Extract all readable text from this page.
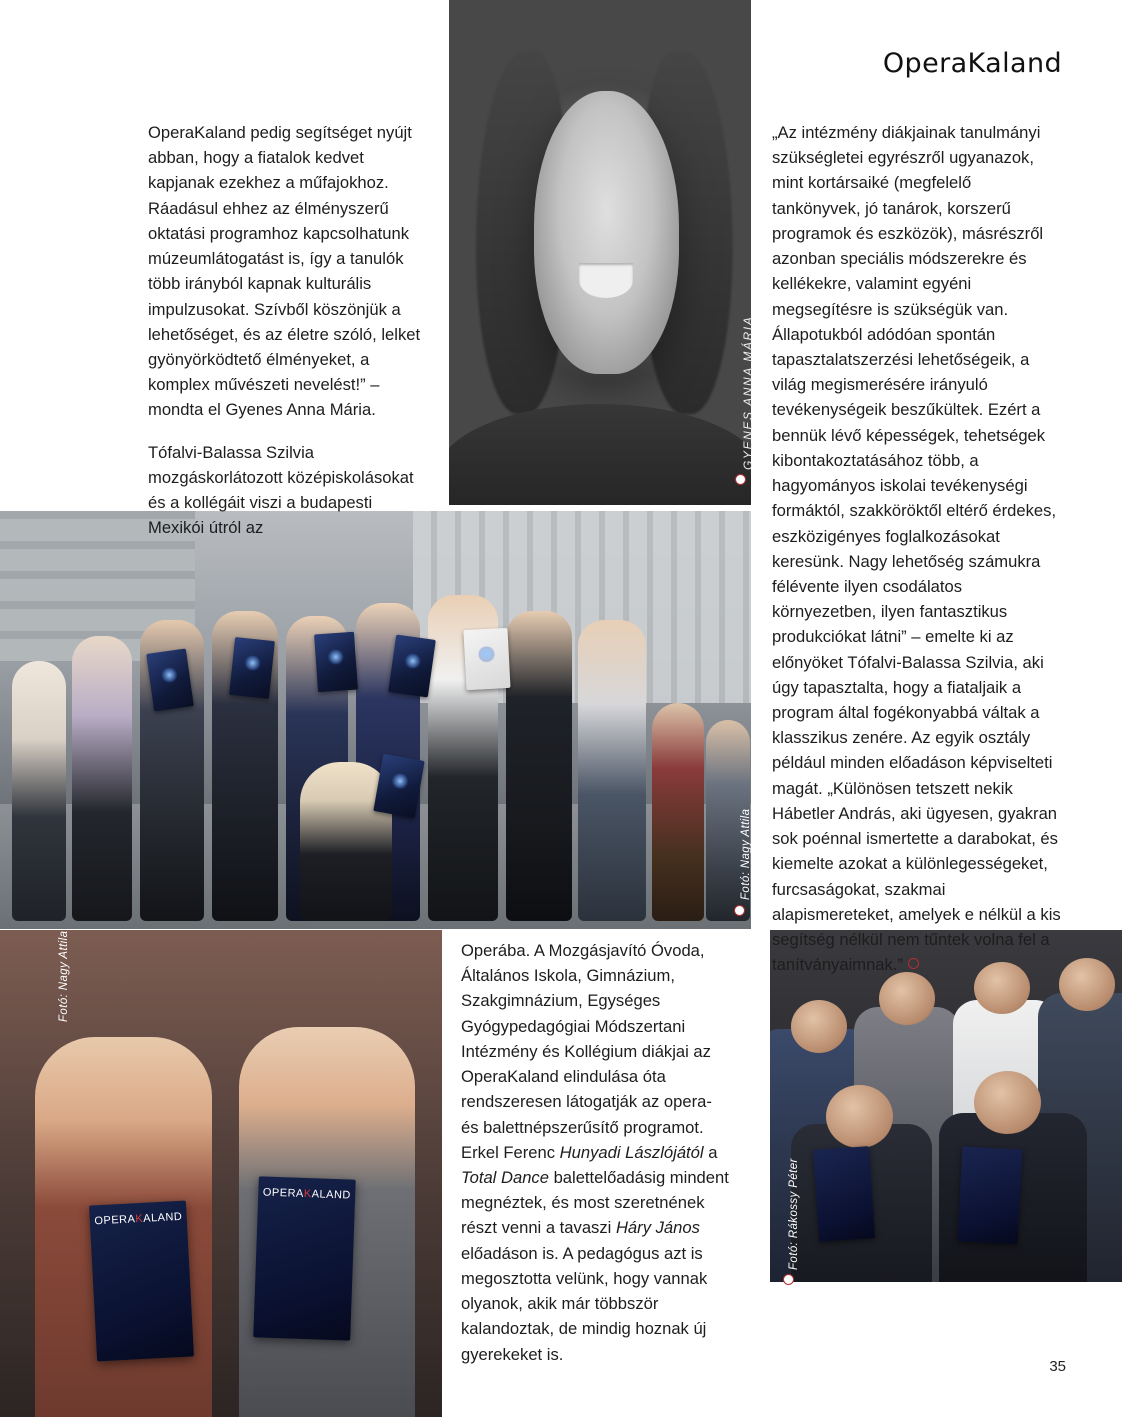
OperaKaland
GYENES ANNA MÁRIA
Fotó: Nagy Attila
OPERAKALAND
OPERAKALAND
Fotó: Nagy Attila
Fotó: Rákossy Péter

OperaKaland pedig segítséget nyújt abban, hogy a fiatalok kedvet kapjanak ezekhez a műfajokhoz. Ráadásul ehhez az élményszerű oktatási programhoz kapcsolhatunk múzeumlátogatást is, így a tanulók több irányból kapnak kulturális impulzusokat. Szívből köszönjük a lehetőséget, és az életre szóló, lelket gyönyörködtető élményeket, a komplex művészeti nevelést!” – mondta el Gyenes Anna Mária.

Tófalvi-Balassa Szilvia mozgáskorlátozott középiskolásokat és a kollégáit viszi a budapesti Mexikói útról az

„Az intézmény diákjainak tanulmányi szükségletei egyrészről ugyanazok, mint kortársaiké (megfelelő tankönyvek, jó tanárok, korszerű programok és eszközök), másrészről azonban speciális módszerekre és kellékekre, valamint egyéni megsegítésre is szükségük van. Állapotukból adódóan spontán tapasztalatszerzési lehetőségeik, a világ megismerésére irányuló tevékenységeik beszűkültek. Ezért a bennük lévő képességek, tehetségek kibontakoztatásához több, a hagyományos iskolai tevékenységi formáktól, szakköröktől eltérő érdekes, eszközigényes foglalkozásokat keresünk. Nagy lehetőség számukra félévente ilyen csodálatos környezetben, ilyen fantasztikus produkciókat látni” – emelte ki az előnyöket Tófalvi-Balassa Szilvia, aki úgy tapasztalta, hogy a fiataljaik a program által fogékonyabbá váltak a klasszikus zenére. Az egyik osztály például minden előadáson képviselteti magát. „Különösen tetszett nekik Hábetler András, aki ügyesen, gyakran sok poénnal ismertette a darabokat, és kiemelte azokat a különlegességeket, furcsaságokat, szakmai alapismereteket, amelyek e nélkül a kis segítség nélkül nem tűntek volna fel a tanítványaimnak.”

Operába. A Mozgásjavító Óvoda, Általános Iskola, Gimnázium, Szakgimnázium, Egységes Gyógypedagógiai Módszertani Intézmény és Kollégium diákjai az OperaKaland elindulása óta rendszeresen látogatják az opera- és balettnépszerűsítő programot. Erkel Ferenc Hunyadi Lászlójától a Total Dance balettelőadásig mindent megnéztek, és most szeretnének részt venni a tavaszi Háry János előadáson is. A pedagógus azt is megosztotta velünk, hogy vannak olyanok, akik már többször kalandoztak, de mindig hoznak új gyerekeket is.

35
